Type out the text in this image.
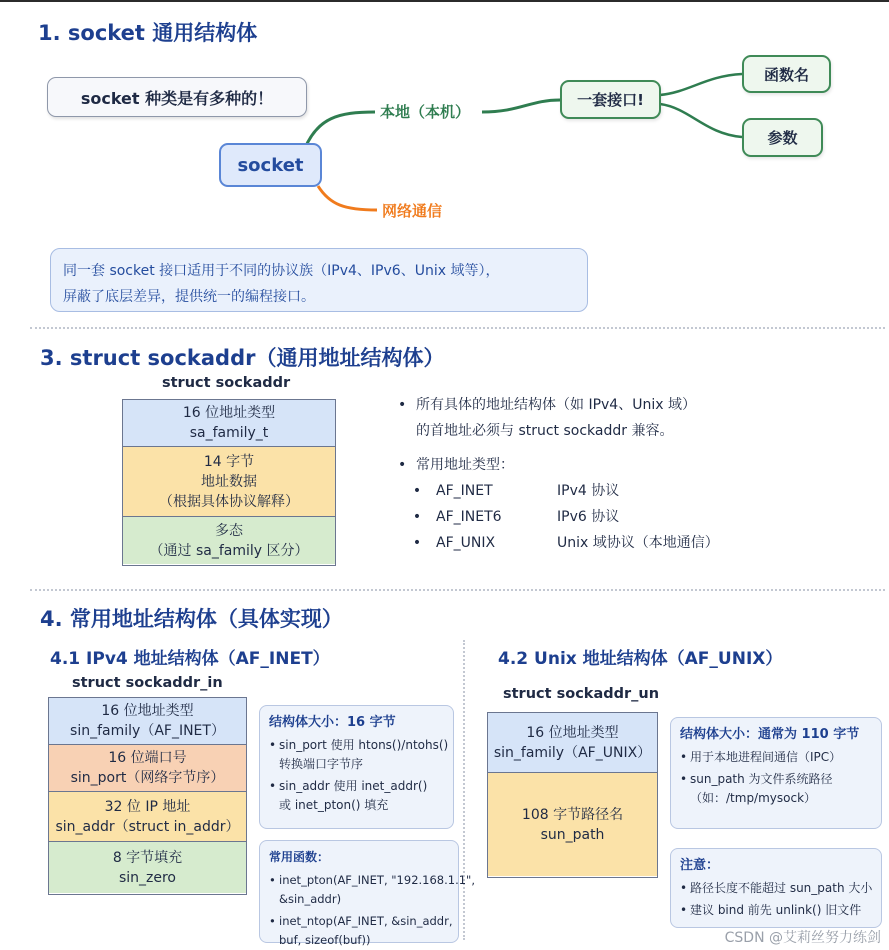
1. socket 通用结构体
socket 种类是有多种的！
socket
本地（本机）
网络通信
一套接口!
函数名
参数
同一套 socket 接口适用于不同的协议族（IPv4、IPv6、Unix 域等），
屏蔽了底层差异，提供统一的编程接口。
3. struct sockaddr（通用地址结构体）
struct sockaddr
16 位地址类型
sa_family_t
14 字节
地址数据
（根据具体协议解释）
多态
（通过 sa_family 区分）
• 所有具体的地址结构体（如 IPv4、Unix 域）
的首地址必须与 struct sockaddr 兼容。
• 常用地址类型：
•	AF_INET	IPv4 协议
•	AF_INET6	IPv6 协议
•	AF_UNIX	Unix 域协议（本地通信）
4. 常用地址结构体（具体实现）
4.1 IPv4 地址结构体（AF_INET）
struct sockaddr_in
16 位地址类型
sin_family（AF_INET）
16 位端口号
sin_port（网络字节序）
32 位 IP 地址
sin_addr（struct in_addr）
8 字节填充
sin_zero
结构体大小：16 字节
• sin_port 使用 htons()/ntohs()
转换端口字节序
• sin_addr 使用 inet_addr()
或 inet_pton() 填充
常用函数：
• inet_pton(AF_INET, "192.168.1.1",
&sin_addr)
• inet_ntop(AF_INET, &sin_addr,
buf, sizeof(buf))
4.2 Unix 地址结构体（AF_UNIX）
struct sockaddr_un
16 位地址类型
sin_family（AF_UNIX）
108 字节路径名
sun_path
结构体大小：通常为 110 字节
• 用于本地进程间通信（IPC）
• sun_path 为文件系统路径
（如：/tmp/mysock）
注意：
• 路径长度不能超过 sun_path 大小
• 建议 bind 前先 unlink() 旧文件
CSDN @艾莉丝努力练剑
